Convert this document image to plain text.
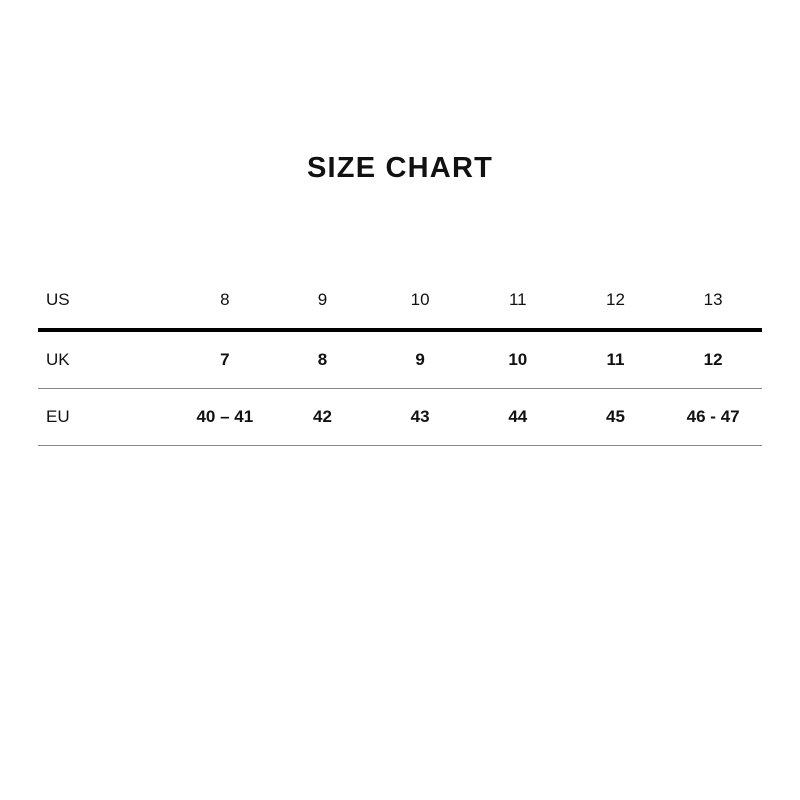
SIZE CHART
US	8	9	10	11	12	13
UK	7	8	9	10	11	12
EU	40 – 41	42	43	44	45	46 - 47
